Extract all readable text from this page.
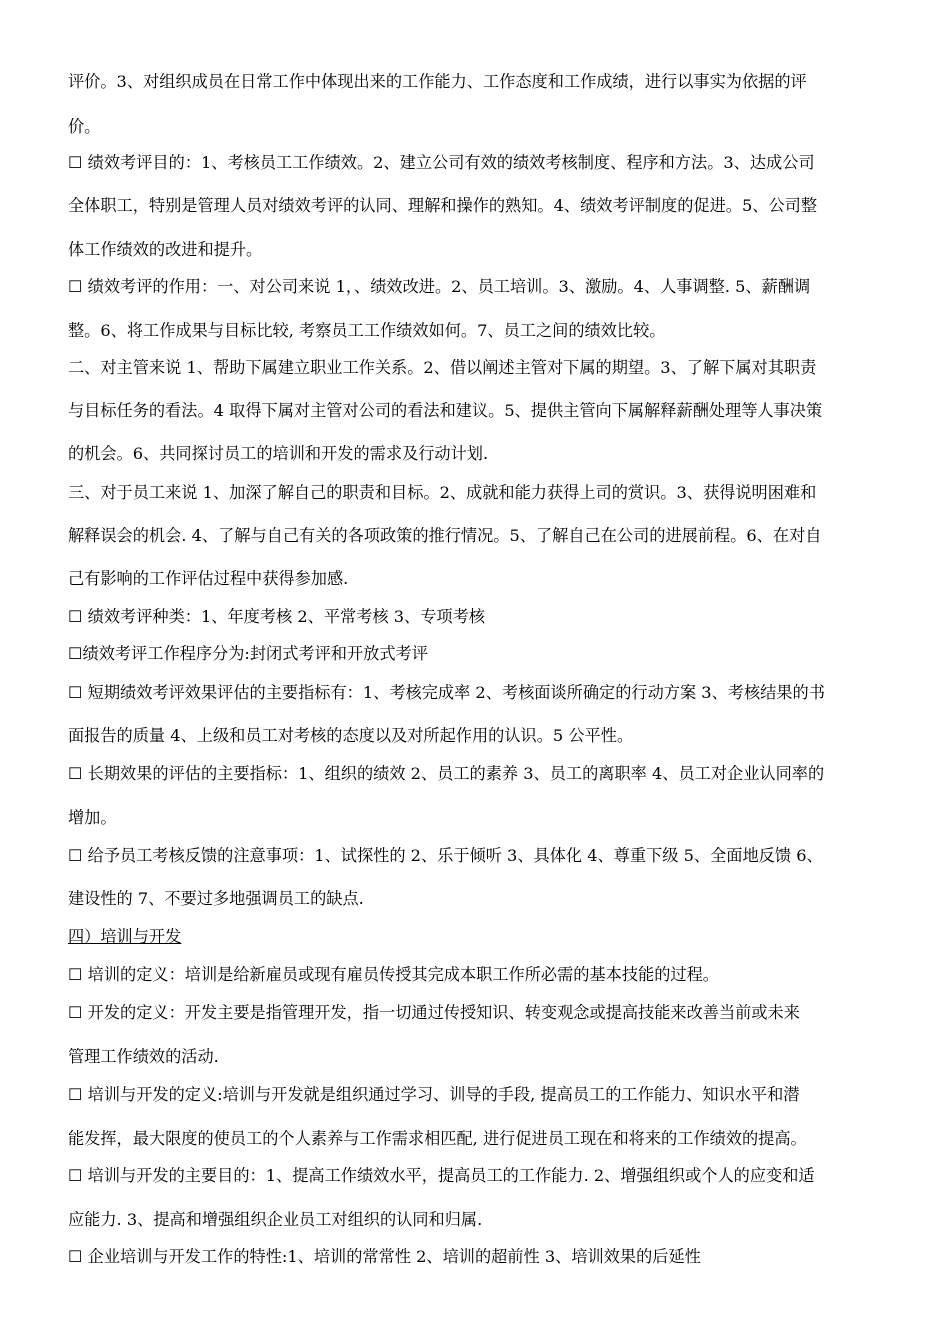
评价。3、对组织成员在日常工作中体现出来的工作能力、工作态度和工作成绩，进行以事实为依据的评
价。
☐ 绩效考评目的：1、考核员工工作绩效。2、建立公司有效的绩效考核制度、程序和方法。3、达成公司
全体职工，特别是管理人员对绩效考评的认同、理解和操作的熟知。4、绩效考评制度的促进。5、公司整
体工作绩效的改进和提升。
☐ 绩效考评的作用：一、对公司来说 1，、绩效改进。2、员工培训。3、激励。4、人事调整. 5、薪酬调
整。6、将工作成果与目标比较, 考察员工工作绩效如何。7、员工之间的绩效比较。
二、对主管来说 1、帮助下属建立职业工作关系。2、借以阐述主管对下属的期望。3、了解下属对其职责
与目标任务的看法。4 取得下属对主管对公司的看法和建议。5、提供主管向下属解释薪酬处理等人事决策
的机会。6、共同探讨员工的培训和开发的需求及行动计划.
三、对于员工来说 1、加深了解自己的职责和目标。2、成就和能力获得上司的赏识。3、获得说明困难和
解释误会的机会. 4、了解与自己有关的各项政策的推行情况。5、了解自己在公司的进展前程。6、在对自
己有影响的工作评估过程中获得参加感.
☐ 绩效考评种类：1、年度考核 2、平常考核 3、专项考核
☐绩效考评工作程序分为:封闭式考评和开放式考评
☐ 短期绩效考评效果评估的主要指标有：1、考核完成率 2、考核面谈所确定的行动方案 3、考核结果的书
面报告的质量 4、上级和员工对考核的态度以及对所起作用的认识。5 公平性。
☐ 长期效果的评估的主要指标：1、组织的绩效 2、员工的素养 3、员工的离职率 4、员工对企业认同率的
增加。
☐ 给予员工考核反馈的注意事项：1、试探性的 2、乐于倾听 3、具体化 4、尊重下级 5、全面地反馈 6、
建设性的 7、不要过多地强调员工的缺点.
四）培训与开发
☐ 培训的定义：培训是给新雇员或现有雇员传授其完成本职工作所必需的基本技能的过程。
☐ 开发的定义：开发主要是指管理开发，指一切通过传授知识、转变观念或提高技能来改善当前或未来
管理工作绩效的活动.
☐ 培训与开发的定义:培训与开发就是组织通过学习、训导的手段, 提高员工的工作能力、知识水平和潜
能发挥，最大限度的使员工的个人素养与工作需求相匹配, 进行促进员工现在和将来的工作绩效的提高。
☐ 培训与开发的主要目的：1、提高工作绩效水平，提高员工的工作能力. 2、增强组织或个人的应变和适
应能力. 3、提高和增强组织企业员工对组织的认同和归属.
☐ 企业培训与开发工作的特性:1、培训的常常性 2、培训的超前性 3、培训效果的后延性
